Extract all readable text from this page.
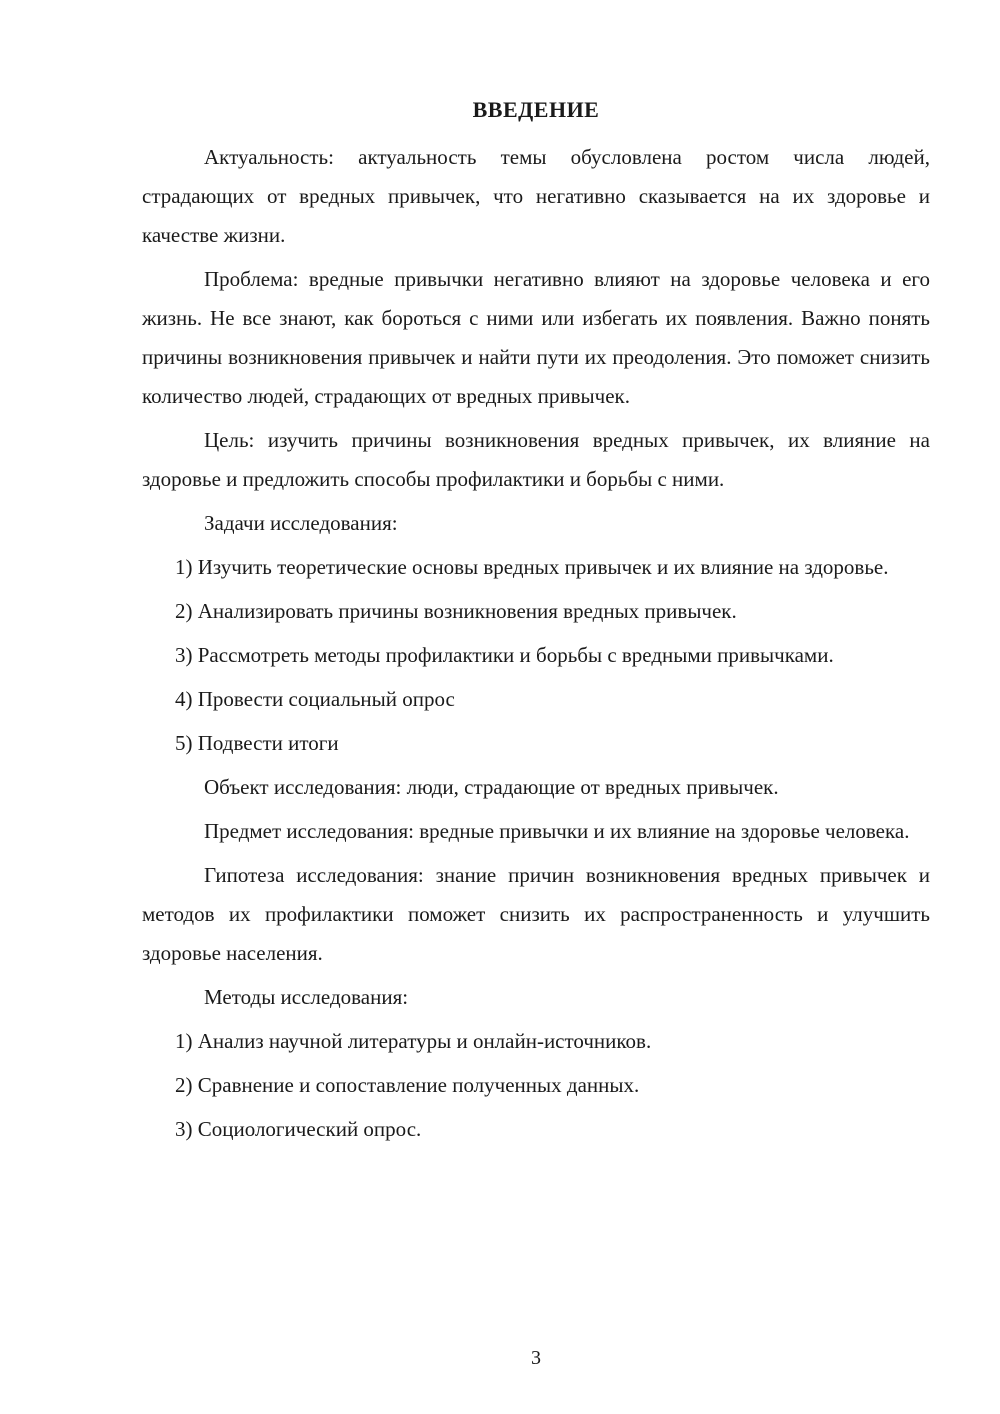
ВВЕДЕНИЕ

Актуальность: актуальность темы обусловлена ростом числа людей, страдающих от вредных привычек, что негативно сказывается на их здоровье и качестве жизни.

Проблема: вредные привычки негативно влияют на здоровье человека и его жизнь. Не все знают, как бороться с ними или избегать их появления. Важно понять причины возникновения привычек и найти пути их преодоления. Это поможет снизить количество людей, страдающих от вредных привычек.

Цель: изучить причины возникновения вредных привычек, их влияние на здоровье и предложить способы профилактики и борьбы с ними.

Задачи исследования:

1) Изучить теоретические основы вредных привычек и их влияние на здоровье.

2) Анализировать причины возникновения вредных привычек.

3) Рассмотреть методы профилактики и борьбы с вредными привычками.

4) Провести социальный опрос

5) Подвести итоги

Объект исследования: люди, страдающие от вредных привычек.

Предмет исследования: вредные привычки и их влияние на здоровье человека.

Гипотеза исследования: знание причин возникновения вредных привычек и методов их профилактики поможет снизить их распространенность и улучшить здоровье населения.

Методы исследования:

1) Анализ научной литературы и онлайн-источников.

2) Сравнение и сопоставление полученных данных.

3) Социологический опрос.

3
